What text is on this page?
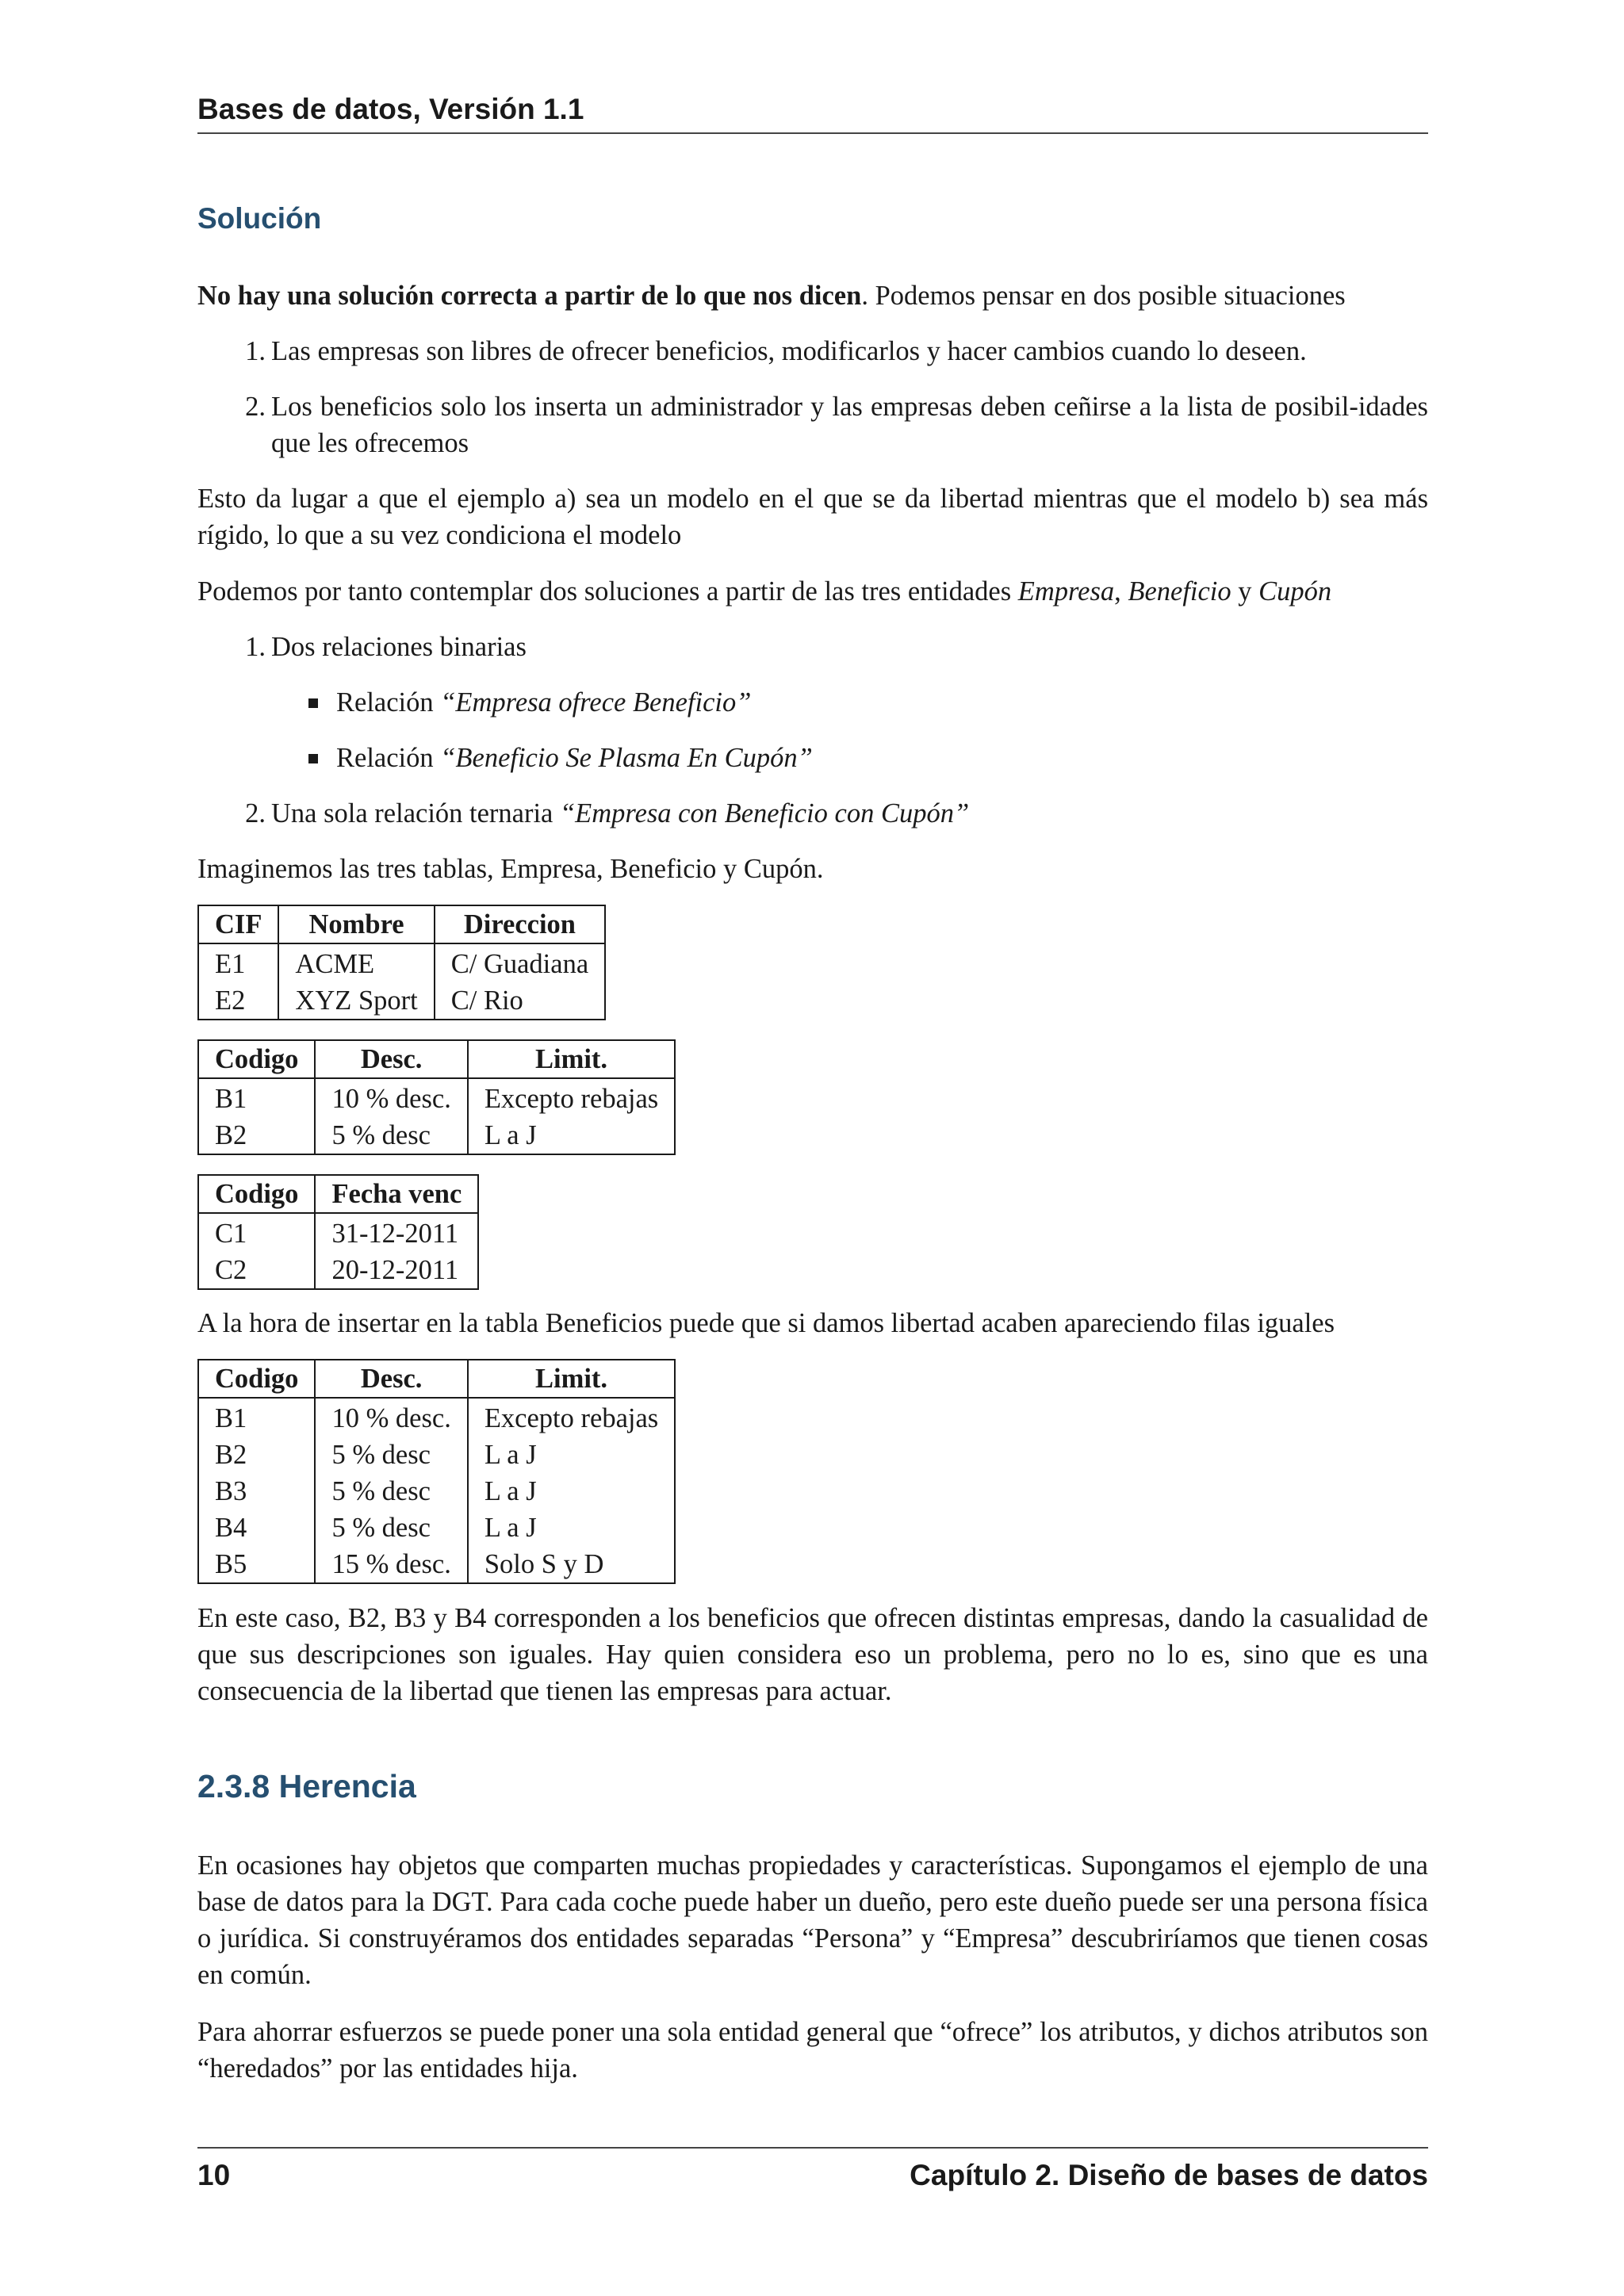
Bases de datos, Versión 1.1
Solución

No hay una solución correcta a partir de lo que nos dicen. Podemos pensar en dos posible situaciones

1. Las empresas son libres de ofrecer beneficios, modificarlos y hacer cambios cuando lo deseen.
2. Los beneficios solo los inserta un administrador y las empresas deben ceñirse a la lista de posibil-idades que les ofrecemos

Esto da lugar a que el ejemplo a) sea un modelo en el que se da libertad mientras que el modelo b) sea más rígido, lo que a su vez condiciona el modelo

Podemos por tanto contemplar dos soluciones a partir de las tres entidades Empresa, Beneficio y Cupón

1. Dos relaciones binarias
Relación “Empresa ofrece Beneficio”
Relación “Beneficio Se Plasma En Cupón”
2. Una sola relación ternaria “Empresa con Beneficio con Cupón”

Imaginemos las tres tablas, Empresa, Beneficio y Cupón.

CIF	Nombre	Direccion
E1	ACME	C/ Guadiana
E2	XYZ Sport	C/ Rio
Codigo	Desc.	Limit.
B1	10 % desc.	Excepto rebajas
B2	5 % desc	L a J
Codigo	Fecha venc
C1	31-12-2011
C2	20-12-2011

A la hora de insertar en la tabla Beneficios puede que si damos libertad acaben apareciendo filas iguales

Codigo	Desc.	Limit.
B1	10 % desc.	Excepto rebajas
B2	5 % desc	L a J
B3	5 % desc	L a J
B4	5 % desc	L a J
B5	15 % desc.	Solo S y D

En este caso, B2, B3 y B4 corresponden a los beneficios que ofrecen distintas empresas, dando la casualidad de que sus descripciones son iguales. Hay quien considera eso un problema, pero no lo es, sino que es una consecuencia de la libertad que tienen las empresas para actuar.

2.3.8 Herencia

En ocasiones hay objetos que comparten muchas propiedades y características. Supongamos el ejemplo de una base de datos para la DGT. Para cada coche puede haber un dueño, pero este dueño puede ser una persona física o jurídica. Si construyéramos dos entidades separadas “Persona” y “Empresa” descubriríamos que tienen cosas en común.

Para ahorrar esfuerzos se puede poner una sola entidad general que “ofrece” los atributos, y dichos atributos son “heredados” por las entidades hija.

10	Capítulo 2. Diseño de bases de datos
